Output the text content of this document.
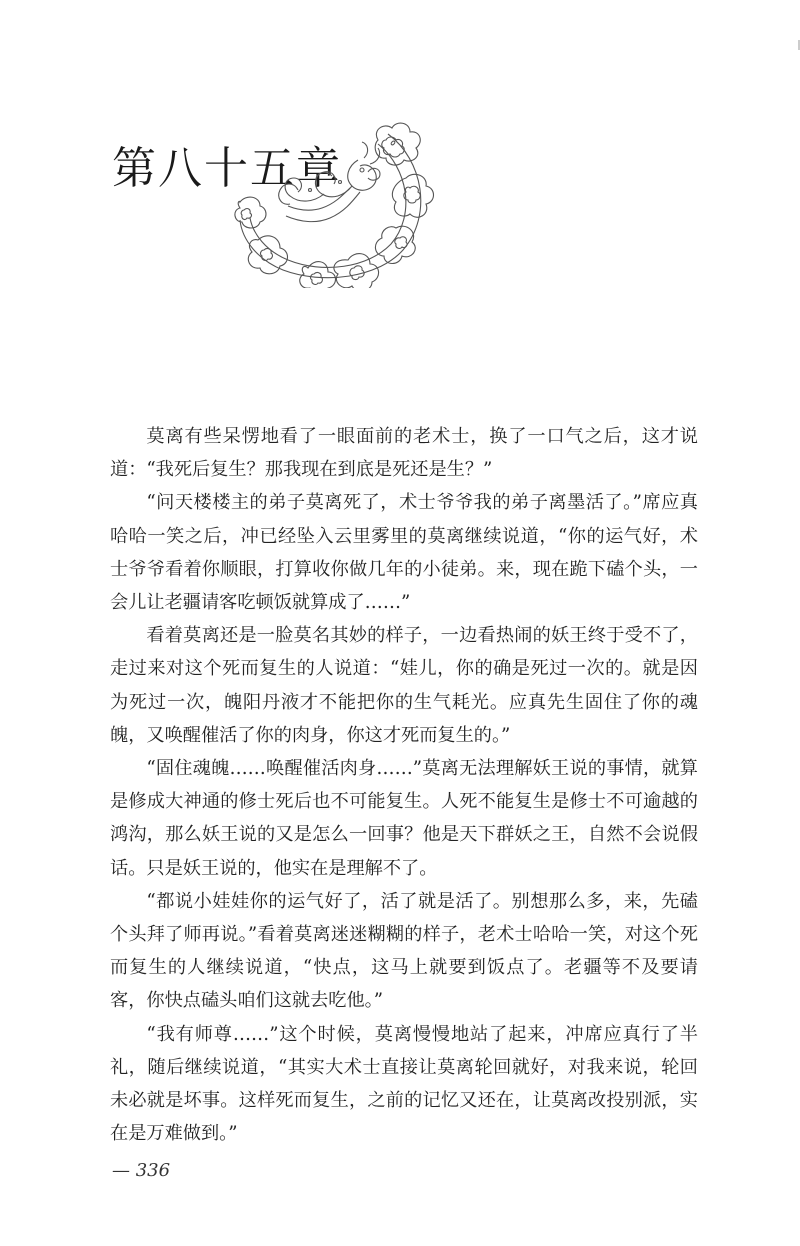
第八十五章

莫离有些呆愣地看了一眼面前的老术士，换了一口气之后，这才说道：“我死后复生？那我现在到底是死还是生？”

“问天楼楼主的弟子莫离死了，术士爷爷我的弟子离墨活了。”席应真哈哈一笑之后，冲已经坠入云里雾里的莫离继续说道，“你的运气好，术士爷爷看着你顺眼，打算收你做几年的小徒弟。来，现在跪下磕个头，一会儿让老疆请客吃顿饭就算成了……”

看着莫离还是一脸莫名其妙的样子，一边看热闹的妖王终于受不了，走过来对这个死而复生的人说道：“娃儿，你的确是死过一次的。就是因为死过一次，魄阳丹液才不能把你的生气耗光。应真先生固住了你的魂魄，又唤醒催活了你的肉身，你这才死而复生的。”

“固住魂魄……唤醒催活肉身……”莫离无法理解妖王说的事情，就算是修成大神通的修士死后也不可能复生。人死不能复生是修士不可逾越的鸿沟，那么妖王说的又是怎么一回事？他是天下群妖之王，自然不会说假话。只是妖王说的，他实在是理解不了。

“都说小娃娃你的运气好了，活了就是活了。别想那么多，来，先磕个头拜了师再说。”看着莫离迷迷糊糊的样子，老术士哈哈一笑，对这个死而复生的人继续说道，“快点，这马上就要到饭点了。老疆等不及要请客，你快点磕头咱们这就去吃他。”

“我有师尊……”这个时候，莫离慢慢地站了起来，冲席应真行了半礼，随后继续说道，“其实大术士直接让莫离轮回就好，对我来说，轮回未必就是坏事。这样死而复生，之前的记忆又还在，让莫离改投别派，实在是万难做到。”

— 336
